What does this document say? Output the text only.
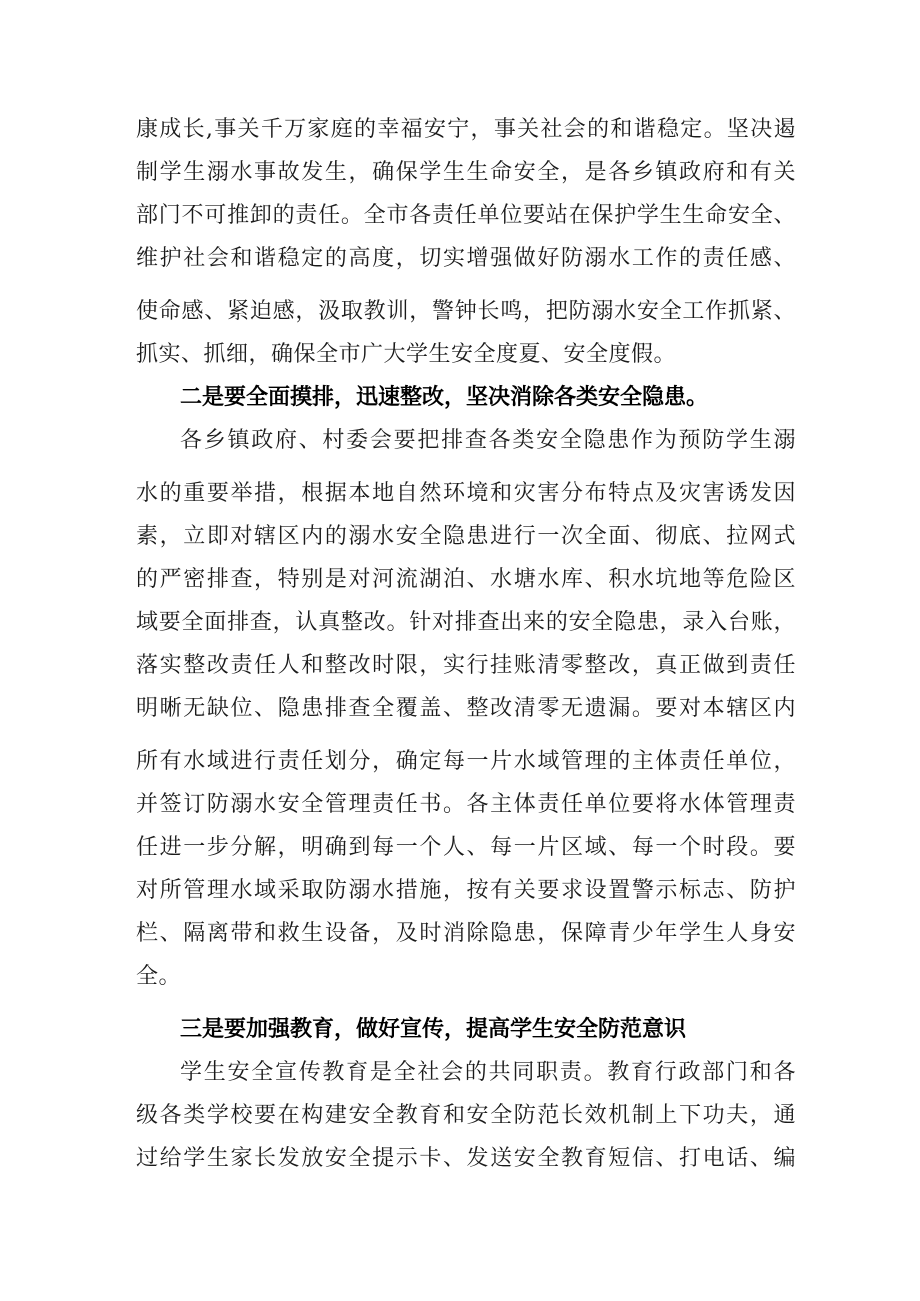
康成长,事关千万家庭的幸福安宁，事关社会的和谐稳定。坚决遏
制学生溺水事故发生，确保学生生命安全，是各乡镇政府和有关
部门不可推卸的责任。全市各责任单位要站在保护学生生命安全、
维护社会和谐稳定的高度，切实增强做好防溺水工作的责任感、
使命感、紧迫感，汲取教训，警钟长鸣，把防溺水安全工作抓紧、
抓实、抓细，确保全市广大学生安全度夏、安全度假。
二是要全面摸排，迅速整改，坚决消除各类安全隐患。
各乡镇政府、村委会要把排查各类安全隐患作为预防学生溺
水的重要举措，根据本地自然环境和灾害分布特点及灾害诱发因
素，立即对辖区内的溺水安全隐患进行一次全面、彻底、拉网式
的严密排查，特别是对河流湖泊、水塘水库、积水坑地等危险区
域要全面排查，认真整改。针对排查出来的安全隐患，录入台账，
落实整改责任人和整改时限，实行挂账清零整改，真正做到责任
明晰无缺位、隐患排查全覆盖、整改清零无遗漏。要对本辖区内
所有水域进行责任划分，确定每一片水域管理的主体责任单位，
并签订防溺水安全管理责任书。各主体责任单位要将水体管理责
任进一步分解，明确到每一个人、每一片区域、每一个时段。要
对所管理水域采取防溺水措施，按有关要求设置警示标志、防护
栏、隔离带和救生设备，及时消除隐患，保障青少年学生人身安
全。
三是要加强教育，做好宣传，提高学生安全防范意识
学生安全宣传教育是全社会的共同职责。教育行政部门和各
级各类学校要在构建安全教育和安全防范长效机制上下功夫，通
过给学生家长发放安全提示卡、发送安全教育短信、打电话、编
